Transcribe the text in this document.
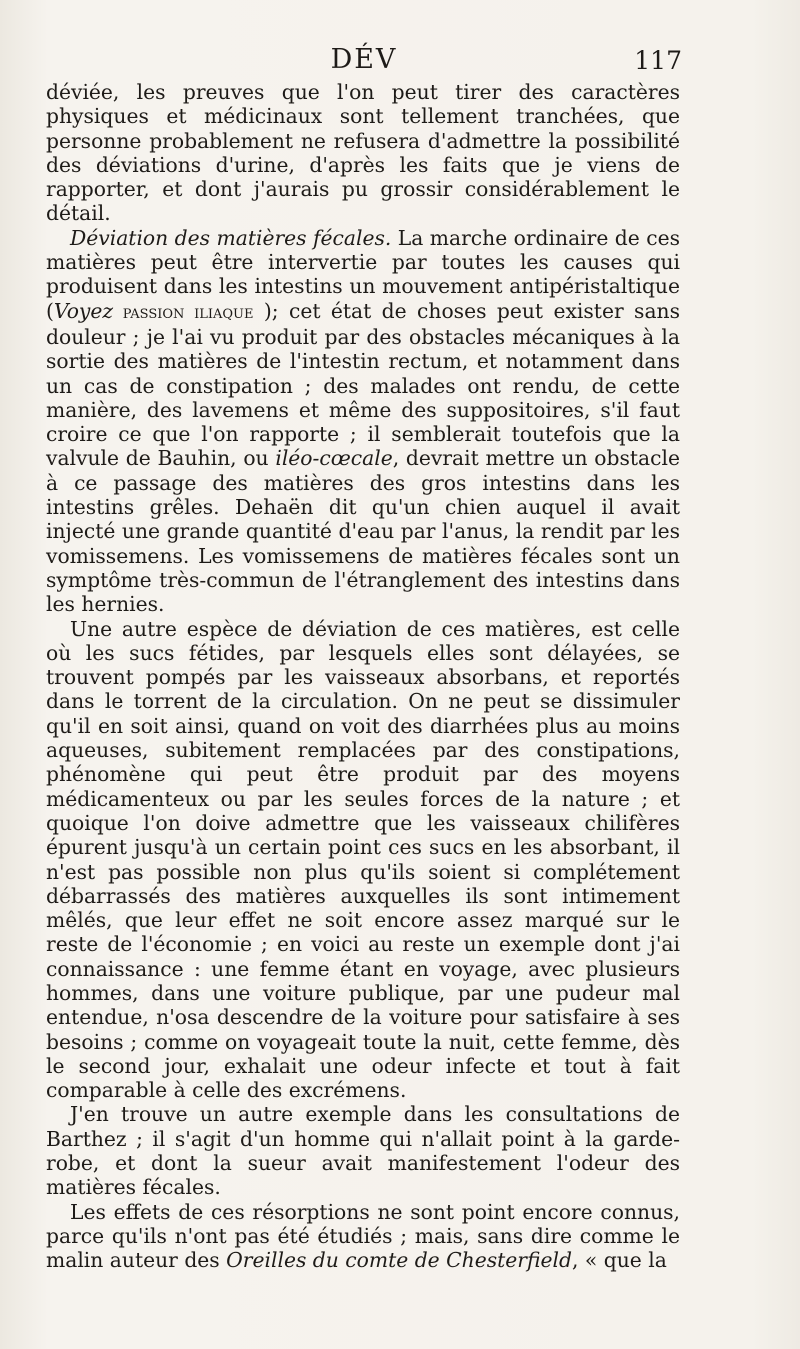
DÉV	117

déviée, les preuves que l'on peut tirer des caractères physiques et médicinaux sont tellement tranchées, que personne probablement ne refusera d'admettre la possibilité des déviations d'urine, d'après les faits que je viens de rapporter, et dont j'aurais pu grossir considérablement le détail.

Déviation des matières fécales. La marche ordinaire de ces matières peut être intervertie par toutes les causes qui produisent dans les intestins un mouvement antipéristaltique (Voyez passion iliaque ); cet état de choses peut exister sans douleur ; je l'ai vu produit par des obstacles mécaniques à la sortie des matières de l'intestin rectum, et notamment dans un cas de constipation ; des malades ont rendu, de cette manière, des lavemens et même des suppositoires, s'il faut croire ce que l'on rapporte ; il semblerait toutefois que la valvule de Bauhin, ou iléo-cœcale, devrait mettre un obstacle à ce passage des matières des gros intestins dans les intestins grêles. Dehaën dit qu'un chien auquel il avait injecté une grande quantité d'eau par l'anus, la rendit par les vomissemens. Les vomissemens de matières fécales sont un symptôme très-commun de l'étranglement des intestins dans les hernies.

Une autre espèce de déviation de ces matières, est celle où les sucs fétides, par lesquels elles sont délayées, se trouvent pompés par les vaisseaux absorbans, et reportés dans le torrent de la circulation. On ne peut se dissimuler qu'il en soit ainsi, quand on voit des diarrhées plus au moins aqueuses, subitement remplacées par des constipations, phénomène qui peut être produit par des moyens médicamenteux ou par les seules forces de la nature ; et quoique l'on doive admettre que les vaisseaux chilifères épurent jusqu'à un certain point ces sucs en les absorbant, il n'est pas possible non plus qu'ils soient si complétement débarrassés des matières auxquelles ils sont intimement mêlés, que leur effet ne soit encore assez marqué sur le reste de l'économie ; en voici au reste un exemple dont j'ai connaissance : une femme étant en voyage, avec plusieurs hommes, dans une voiture publique, par une pudeur mal entendue, n'osa descendre de la voiture pour satisfaire à ses besoins ; comme on voyageait toute la nuit, cette femme, dès le second jour, exhalait une odeur infecte et tout à fait comparable à celle des excrémens.

J'en trouve un autre exemple dans les consultations de Barthez ; il s'agit d'un homme qui n'allait point à la garde-robe, et dont la sueur avait manifestement l'odeur des matières fécales.

Les effets de ces résorptions ne sont point encore connus, parce qu'ils n'ont pas été étudiés ; mais, sans dire comme le malin auteur des Oreilles du comte de Chesterfield, « que la
